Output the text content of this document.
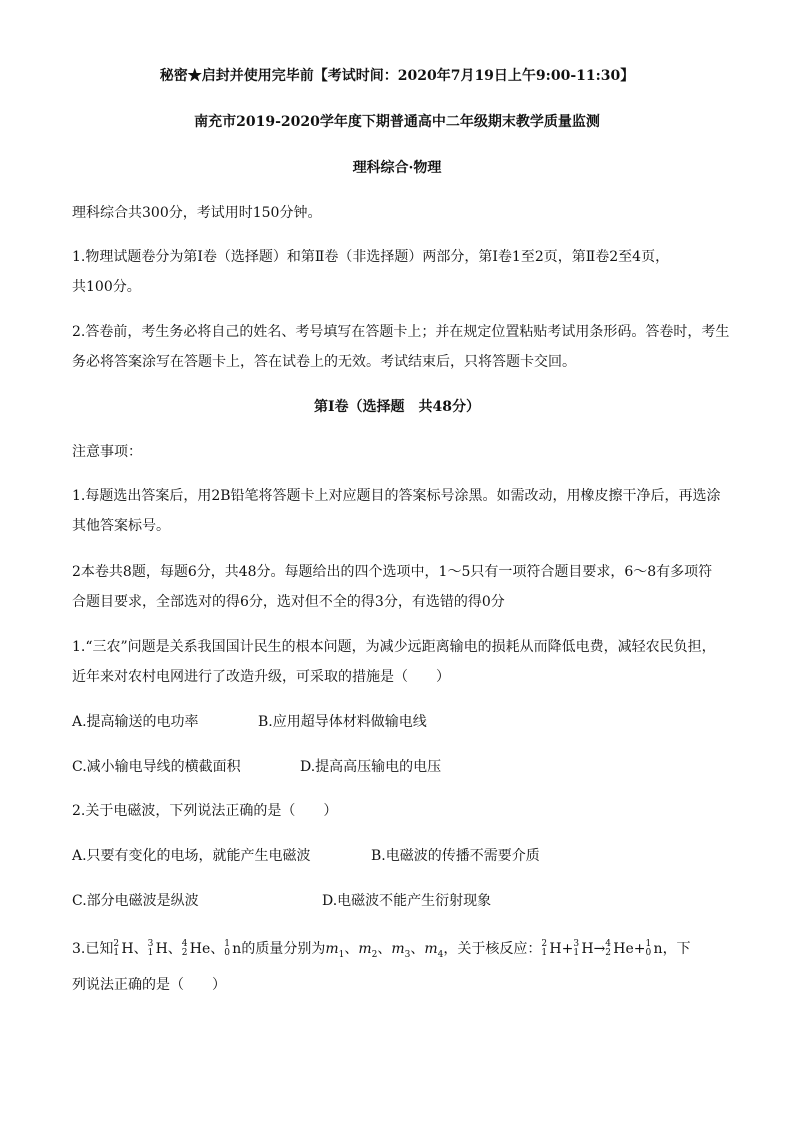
秘密★启封并使用完毕前【考试时间：2020年7月19日上午9:00-11:30】
南充市2019-2020学年度下期普通高中二年级期末教学质量监测
理科综合·物理
理科综合共300分，考试用时150分钟。
1.物理试题卷分为第Ⅰ卷（选择题）和第Ⅱ卷（非选择题）两部分，第Ⅰ卷1至2页，第Ⅱ卷2至4页，
共100分。
2.答卷前，考生务必将自己的姓名、考号填写在答题卡上；并在规定位置粘贴考试用条形码。答卷时，考生
务必将答案涂写在答题卡上，答在试卷上的无效。考试结束后，只将答题卡交回。
第Ⅰ卷（选择题　共48分）
注意事项：
1.每题选出答案后，用2B铅笔将答题卡上对应题目的答案标号涂黑。如需改动，用橡皮擦干净后，再选涂
其他答案标号。
2本卷共8题，每题6分，共48分。每题给出的四个选项中，1～5只有一项符合题目要求，6～8有多项符
合题目要求，全部选对的得6分，选对但不全的得3分，有选错的得0分
1.“三农”问题是关系我国国计民生的根本问题，为减少远距离输电的损耗从而降低电费，减轻农民负担，
近年来对农村电网进行了改造升级，可采取的措施是（　　）
A.提高输送的电功率	B.应用超导体材料做输电线
C.减小输电导线的横截面积	D.提高高压输电的电压
2.关于电磁波，下列说法正确的是（　　）
A.只要有变化的电场，就能产生电磁波	B.电磁波的传播不需要介质
C.部分电磁波是纵波	D.电磁波不能产生衍射现象
3.已知 2
1 H、 3
1 H、 4
2 He、 1
0 n的质量分别为$m_1$、$m_2$、$m_3$、$m_4$，关于核反应： 2
1 H+ 3
1 H→ 4
2 He+ 1
0 n，下
列说法正确的是（　　）
